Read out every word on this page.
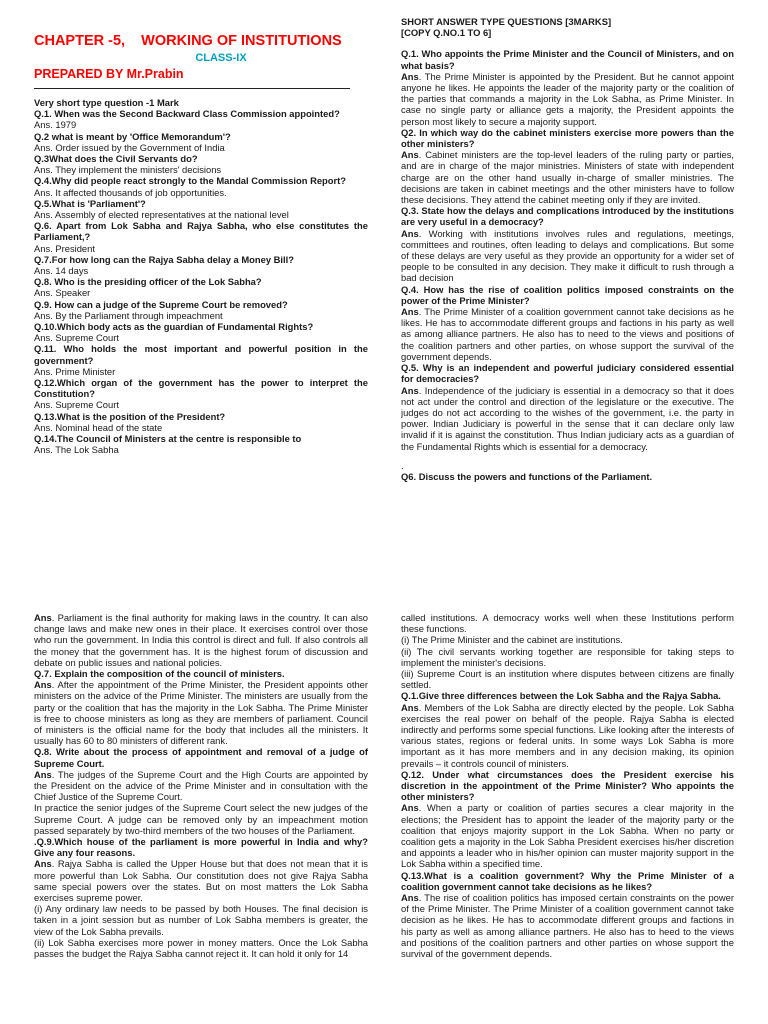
CHAPTER -5,    WORKING OF INSTITUTIONS

CLASS-IX

PREPARED BY Mr.Prabin

Very short type question -1 Mark

Q.1. When was the Second Backward Class Commission appointed?

Ans. 1979

Q.2 what is meant by 'Office Memorandum'?

Ans. Order issued by the Government of India

Q.3What does the Civil Servants do?

Ans. They implement the ministers' decisions

Q.4.Why did people react strongly to the Mandal Commission Report?

Ans. It affected thousands of job opportunities.

Q.5.What is 'Parliament'?

Ans. Assembly of elected representatives at the national level

Q.6. Apart from Lok Sabha and Rajya Sabha, who else constitutes the Parliament,?

Ans. President

Q.7.For how long can the Rajya Sabha delay a Money Bill?

Ans. 14 days

Q.8. Who is the presiding officer of the Lok Sabha?

Ans. Speaker

Q.9. How can a judge of the Supreme Court be removed?

Ans. By the Parliament through impeachment

Q.10.Which body acts as the guardian of Fundamental Rights?

Ans. Supreme Court

Q.11. Who holds the most important and powerful position in the government?

Ans. Prime Minister

Q.12.Which organ of the government has the power to interpret the Constitution?

Ans. Supreme Court

Q.13.What is the position of the President?

Ans. Nominal head of the state

Q.14.The Council of Ministers at the centre is responsible to

Ans. The Lok Sabha

SHORT ANSWER TYPE QUESTIONS [3MARKS]

[COPY Q.NO.1 TO 6]

Q.1. Who appoints the Prime Minister and the Council of Ministers, and on what basis?

Ans. The Prime Minister is appointed by the President. But he cannot appoint anyone he likes. He appoints the leader of the majority party or the coalition of the parties that commands a majority in the Lok Sabha, as Prime Minister. In case no single party or alliance gets a majority, the President appoints the person most likely to secure a majority support.

Q2. In which way do the cabinet ministers exercise more powers than the other ministers?

Ans. Cabinet ministers are the top-level leaders of the ruling party or parties, and are in charge of the major ministries. Ministers of state with independent charge are on the other hand usually in-charge of smaller ministries. The decisions are taken in cabinet meetings and the other ministers have to follow these decisions. They attend the cabinet meeting only if they are invited.

Q.3. State how the delays and complications introduced by the institutions are very useful in a democracy?

Ans. Working with institutions involves rules and regulations, meetings, committees and routines, often leading to delays and complications. But some of these delays are very useful as they provide an opportunity for a wider set of people to be consulted in any decision. They make it difficult to rush through a bad decision

Q.4. How has the rise of coalition politics imposed constraints on the power of the Prime Minister?

Ans. The Prime Minister of a coalition government cannot take decisions as he likes. He has to accommodate different groups and factions in his party as well as among alliance partners. He also has to need to the views and positions of the coalition partners and other parties, on whose support the survival of the government depends.

Q.5. Why is an independent and powerful judiciary considered essential for democracies?

Ans. Independence of the judiciary is essential in a democracy so that it does not act under the control and direction of the legislature or the executive. The judges do not act according to the wishes of the government, i.e. the party in power. Indian Judiciary is powerful in the sense that it can declare only law invalid if it is against the constitution. Thus Indian judiciary acts as a guardian of the Fundamental Rights which is essential for a democracy.

.

Q6. Discuss the powers and functions of the Parliament.

Ans. Parliament is the final authority for making laws in the country. It can also change laws and make new ones in their place. It exercises control over those who run the government. In India this control is direct and full. If also controls all the money that the government has. It is the highest forum of discussion and debate on public issues and national policies.

Q.7. Explain the composition of the council of ministers.

Ans. After the appointment of the Prime Minister, the President appoints other ministers on the advice of the Prime Minister. The ministers are usually from the party or the coalition that has the majority in the Lok Sabha. The Prime Minister is free to choose ministers as long as they are members of parliament. Council of ministers is the official name for the body that includes all the ministers. It usually has 60 to 80 ministers of different rank.

Q.8. Write about the process of appointment and removal of a judge of Supreme Court.

Ans. The judges of the Supreme Court and the High Courts are appointed by the President on the advice of the Prime Minister and in consultation with the Chief Justice of the Supreme Court.

In practice the senior judges of the Supreme Court select the new judges of the Supreme Court. A judge can be removed only by an impeachment motion passed separately by two-third members of the two houses of the Parliament.

.Q.9.Which house of the parliament is more powerful in India and why? Give any four reasons.

Ans. Rajya Sabha is called the Upper House but that does not mean that it is more powerful than Lok Sabha. Our constitution does not give Rajya Sabha same special powers over the states. But on most matters the Lok Sabha exercises supreme power.

(i) Any ordinary law needs to be passed by both Houses. The final decision is taken in a joint session but as number of Lok Sabha members is greater, the view of the Lok Sabha prevails.

(ii) Lok Sabha exercises more power in money matters. Once the Lok Sabha passes the budget the Rajya Sabha cannot reject it. It can hold it only for 14

called institutions. A democracy works well when these Institutions perform these functions.

(i) The Prime Minister and the cabinet are institutions.

(ii) The civil servants working together are responsible for taking steps to implement the minister's decisions.

(iii) Supreme Court is an institution where disputes between citizens are finally settled.

Q.1.Give three differences between the Lok Sabha and the Rajya Sabha.

Ans. Members of the Lok Sabha are directly elected by the people. Lok Sabha exercises the real power on behalf of the people. Rajya Sabha is elected indirectly and performs some special functions. Like looking after the interests of various states, regions or federal units. In some ways Lok Sabha is more important as it has more members and in any decision making, its opinion prevails – it controls council of ministers.

Q.12. Under what circumstances does the President exercise his discretion in the appointment of the Prime Minister? Who appoints the other ministers?

Ans. When a party or coalition of parties secures a clear majority in the elections; the President has to appoint the leader of the majority party or the coalition that enjoys majority support in the Lok Sabha. When no party or coalition gets a majority in the Lok Sabha President exercises his/her discretion and appoints a leader who in his/her opinion can muster majority support in the Lok Sabha within a specified time.

Q.13.What is a coalition government? Why the Prime Minister of a coalition government cannot take decisions as he likes?

Ans. The rise of coalition politics has imposed certain constraints on the power of the Prime Minister. The Prime Minister of a coalition government cannot take decision as he likes. He has to accommodate different groups and factions in his party as well as among alliance partners. He also has to heed to the views and positions of the coalition partners and other parties on whose support the survival of the government depends.
